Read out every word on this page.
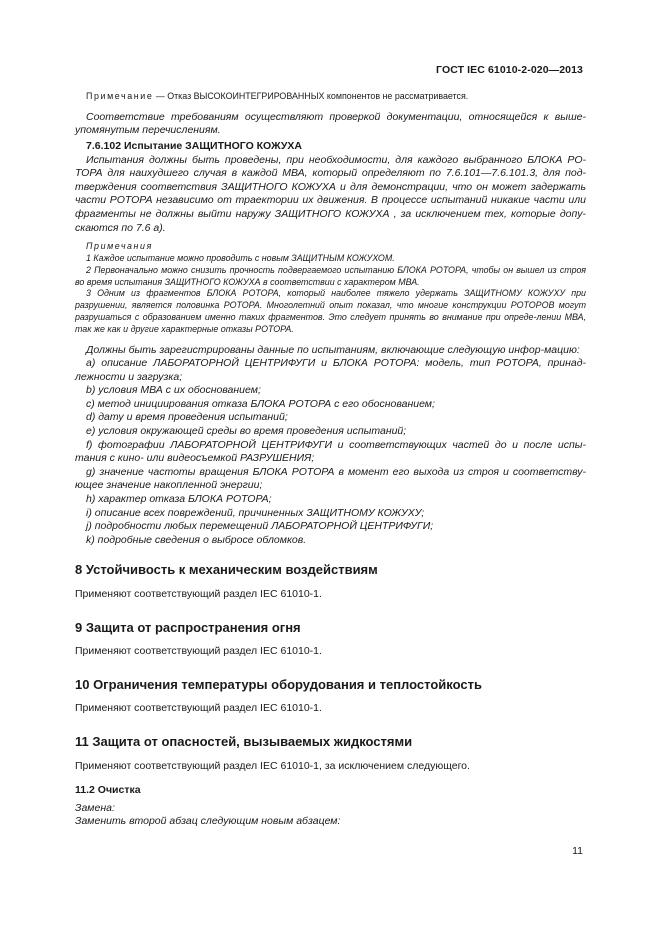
ГОСТ IEC 61010-2-020—2013

Примечание — Отказ ВЫСОКОИНТЕГРИРОВАННЫХ компонентов не рассматривается.

Соответствие требованиям осуществляют проверкой документации, относящейся к выше-упомянутым перечислениям.

7.6.102 Испытание ЗАЩИТНОГО КОЖУХА

Испытания должны быть проведены, при необходимости, для каждого выбранного БЛОКА РО-ТОРА для наихудшего случая в каждой МВА, который определяют по 7.6.101—7.6.101.3, для под-тверждения соответствия ЗАЩИТНОГО КОЖУХА и для демонстрации, что он может задержать части РОТОРА независимо от траектории их движения. В процессе испытаний никакие части или фрагменты не должны выйти наружу ЗАЩИТНОГО КОЖУХА , за исключением тех, которые допу-скаются по 7.6 а).

Примечания

1 Каждое испытание можно проводить с новым ЗАЩИТНЫМ КОЖУХОМ.

2 Первоначально можно снизить прочность подвергаемого испытанию БЛОКА РОТОРА, чтобы он вышел из строя во время испытания ЗАЩИТНОГО КОЖУХА в соответствии с характером МВА.

3 Одним из фрагментов БЛОКА РОТОРА, который наиболее тяжело удержать ЗАЩИТНОМУ КОЖУХУ при разрушении, является половинка РОТОРА. Многолетний опыт показал, что многие конструкции РОТОРОВ могут разрушаться с образованием именно таких фрагментов. Это следует принять во внимание при опреде-лении МВА, так же как и другие характерные отказы РОТОРА.

Должны быть зарегистрированы данные по испытаниям, включающие следующую инфор-мацию:

a) описание ЛАБОРАТОРНОЙ ЦЕНТРИФУГИ и БЛОКА РОТОРА: модель, тип РОТОРА, принад-лежности и загрузка;

b) условия МВА с их обоснованием;

c) метод инициирования отказа БЛОКА РОТОРА с его обоснованием;

d) дату и время проведения испытаний;

e) условия окружающей среды во время проведения испытаний;

f) фотографии ЛАБОРАТОРНОЙ ЦЕНТРИФУГИ и соответствующих частей до и после испы-тания с кино- или видеосъемкой РАЗРУШЕНИЯ;

g) значение частоты вращения БЛОКА РОТОРА в момент его выхода из строя и соответству-ющее значение накопленной энергии;

h) характер отказа БЛОКА РОТОРА;

i) описание всех повреждений, причиненных ЗАЩИТНОМУ КОЖУХУ;

j) подробности любых перемещений ЛАБОРАТОРНОЙ ЦЕНТРИФУГИ;

k) подробные сведения о выбросе обломков.

8 Устойчивость к механическим воздействиям

Применяют соответствующий раздел IEC 61010-1.

9 Защита от распространения огня

Применяют соответствующий раздел IEC 61010-1.

10 Ограничения температуры оборудования и теплостойкость

Применяют соответствующий раздел IEC 61010-1.

11 Защита от опасностей, вызываемых жидкостями

Применяют соответствующий раздел IEC 61010-1, за исключением следующего.

11.2 Очистка

Замена:

Заменить второй абзац следующим новым абзацем:

11
